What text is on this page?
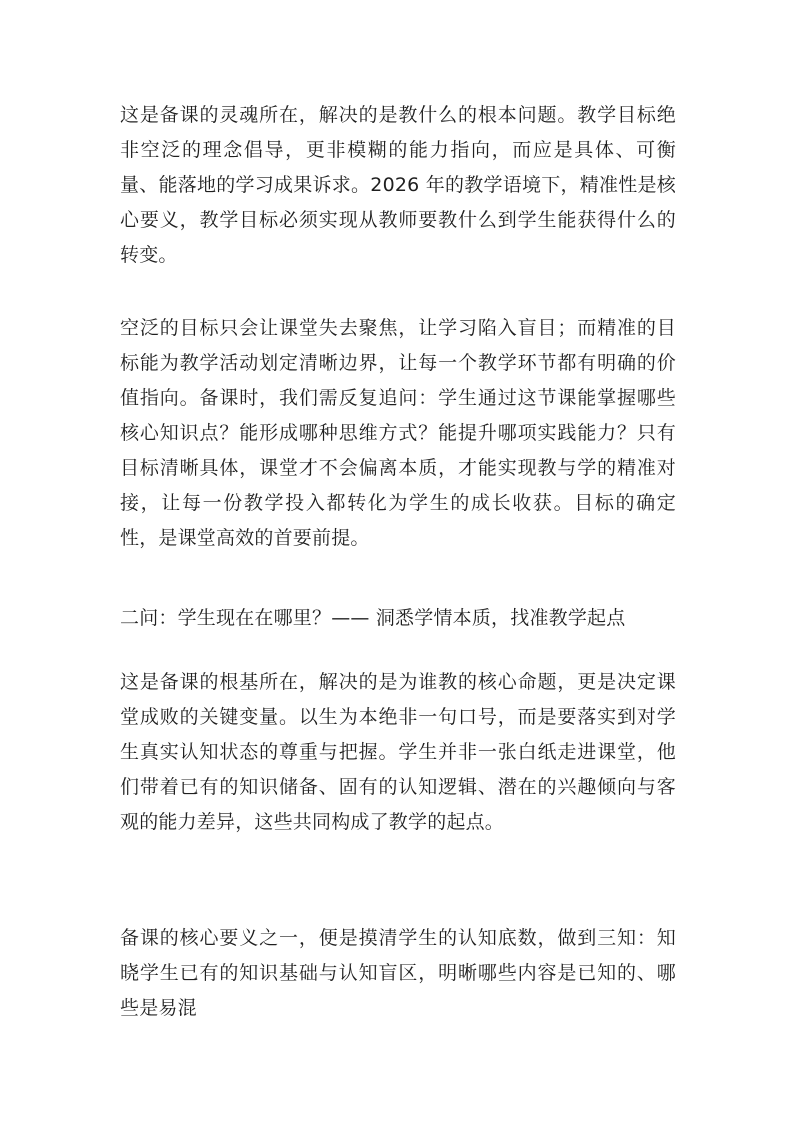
这是备课的灵魂所在，解决的是教什么的根本问题。教学目标绝非空泛的理念倡导，更非模糊的能力指向，而应是具体、可衡量、能落地的学习成果诉求。2026 年的教学语境下，精准性是核心要义，教学目标必须实现从教师要教什么到学生能获得什么的转变。

空泛的目标只会让课堂失去聚焦，让学习陷入盲目；而精准的目标能为教学活动划定清晰边界，让每一个教学环节都有明确的价值指向。备课时，我们需反复追问：学生通过这节课能掌握哪些核心知识点？能形成哪种思维方式？能提升哪项实践能力？只有目标清晰具体，课堂才不会偏离本质，才能实现教与学的精准对接，让每一份教学投入都转化为学生的成长收获。目标的确定性，是课堂高效的首要前提。

二问：学生现在在哪里？—— 洞悉学情本质，找准教学起点

这是备课的根基所在，解决的是为谁教的核心命题，更是决定课堂成败的关键变量。以生为本绝非一句口号，而是要落实到对学生真实认知状态的尊重与把握。学生并非一张白纸走进课堂，他们带着已有的知识储备、固有的认知逻辑、潜在的兴趣倾向与客观的能力差异，这些共同构成了教学的起点。

备课的核心要义之一，便是摸清学生的认知底数，做到三知：知晓学生已有的知识基础与认知盲区，明晰哪些内容是已知的、哪些是易混
